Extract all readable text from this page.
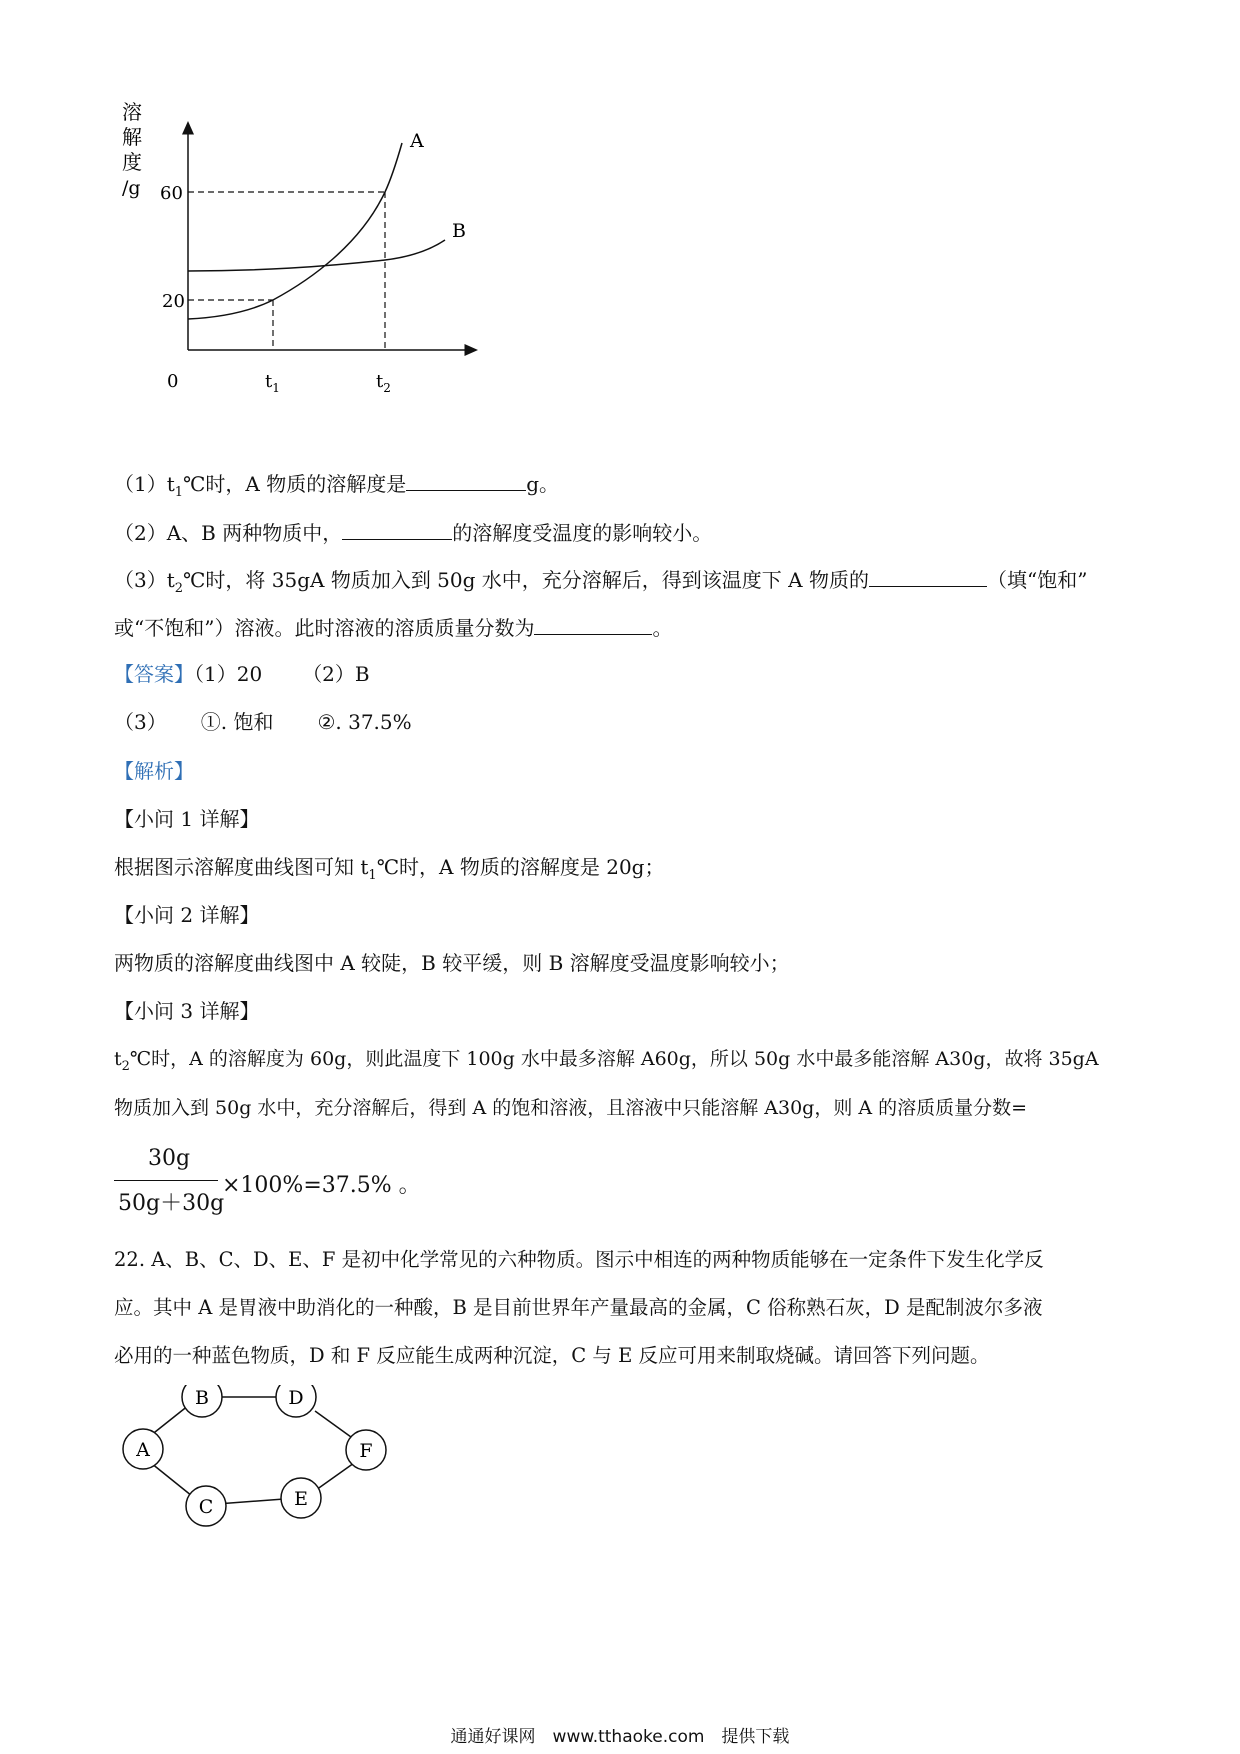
溶
解
度
/g 60
20
0	$t_1$	$t_2$
A
B
$(1)t_1℃$时，A 物质的溶解度是	g。
（2）A、B 两种物质中，	的溶解度受温度的影响较小。
$(3)t_2℃$时，将 35gA 物质加入到 50g 水中，充分溶解后，得到该温度下 A 物质的	（填“饱和”
或“不饱和”）溶液。此时溶液的溶质质量分数为	。
【答案】（1）20 （2）B
（3） ①. 饱和 ②. 37.5%
【解析】
【小问 1 详解】
根据图示溶解度曲线图可知 $t_1℃$时，A 物质的溶解度是 20g；
【小问 2 详解】
两物质的溶解度曲线图中 A 较陡，B 较平缓，则 B 溶解度受温度影响较小；
【小问 3 详解】
$t_2℃$时，A 的溶解度为 60g，则此温度下 100g 水中最多溶解 A60g，所以 50g 水中最多能溶解 A30g，故将 35gA
物质加入到 50g 水中，充分溶解后，得到 A 的饱和溶液，且溶液中只能溶解 A30g，则 A 的溶质质量分数=
30g
50g＋30g
×100%=37.5% 。
22. A、B、C、D、E、F 是初中化学常见的六种物质。图示中相连的两种物质能够在一定条件下发生化学反
应。其中 A 是胃液中助消化的一种酸，B 是目前世界年产量最高的金属，C 俗称熟石灰，D 是配制波尔多液
必用的一种蓝色物质，D 和 F 反应能生成两种沉淀，C 与 E 反应可用来制取烧碱。请回答下列问题。
A
B	D
F
E
C
通通好课网　www.tthaoke.com　提供下载
